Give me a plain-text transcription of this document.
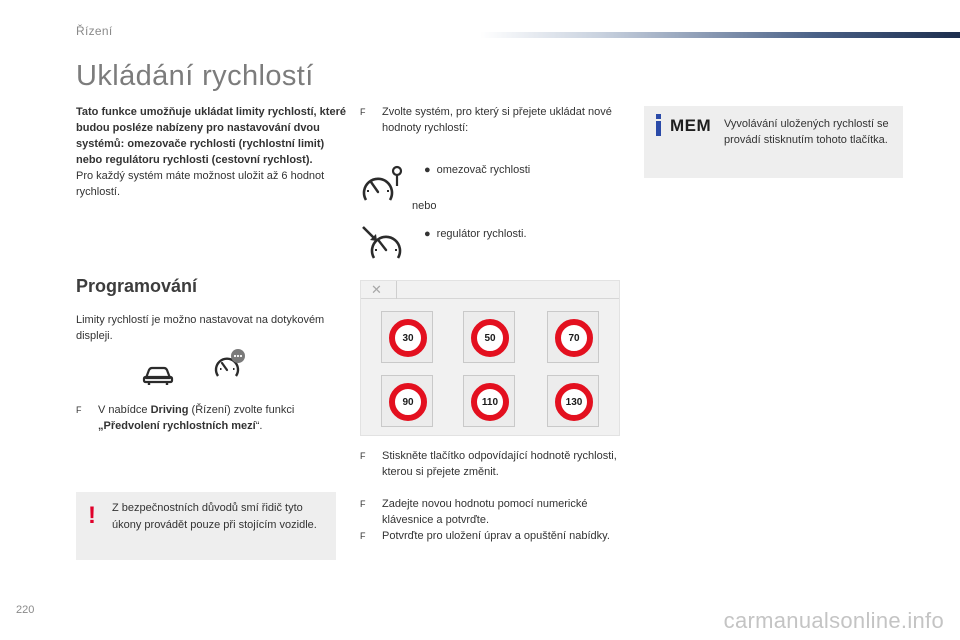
Řízení
Ukládání rychlostí
Tato funkce umožňuje ukládat limity rychlostí, které budou posléze nabízeny pro nastavování dvou systémů: omezovače rychlosti (rychlostní limit) nebo regulátoru rychlosti (cestovní rychlost).
Pro každý systém máte možnost uložit až 6 hodnot rychlostí.
Programování
Limity rychlostí je možno nastavovat na dotykovém displeji.
F	V nabídce Driving (Řízení) zvolte funkci „Předvolení rychlostních mezí“.
! Z bezpečnostních důvodů smí řidič tyto úkony provádět pouze při stojícím vozidle.
F	Zvolte systém, pro který si přejete ukládat nové hodnoty rychlostí:
● omezovač rychlosti
nebo
● regulátor rychlosti.
✕
30	50	70
90	110	130
F	Stiskněte tlačítko odpovídající hodnotě rychlosti, kterou si přejete změnit.
F	Zadejte novou hodnotu pomocí numerické klávesnice a potvrďte.
F	Potvrďte pro uložení úprav a opuštění nabídky.
MEM Vyvolávání uložených rychlostí se provádí stisknutím tohoto tlačítka.
220	carmanualsonline.info
